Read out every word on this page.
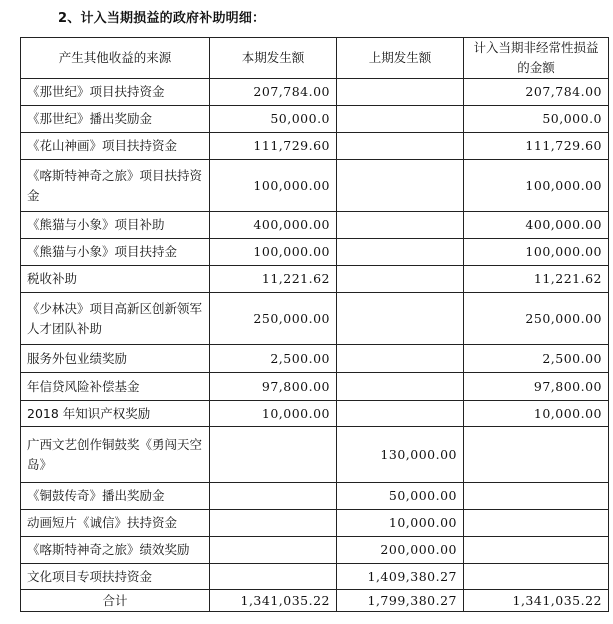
2、计入当期损益的政府补助明细：
产生其他收益的来源	本期发生额	上期发生额	计入当期非经常性损益的金额
《那世纪》项目扶持资金	207,784.00		207,784.00
《那世纪》播出奖励金	50,000.0		50,000.0
《花山神画》项目扶持资金	111,729.60		111,729.60
《喀斯特神奇之旅》项目扶持资金	100,000.00		100,000.00
《熊猫与小象》项目补助	400,000.00		400,000.00
《熊猫与小象》项目扶持金	100,000.00		100,000.00
税收补助	11,221.62		11,221.62
《少林决》项目高新区创新领军人才团队补助	250,000.00		250,000.00
服务外包业绩奖励	2,500.00		2,500.00
年信贷风险补偿基金	97,800.00		97,800.00
2018 年知识产权奖励	10,000.00		10,000.00
广西文艺创作铜鼓奖《勇闯天空岛》		130,000.00	
《铜鼓传奇》播出奖励金		50,000.00	
动画短片《诚信》扶持资金		10,000.00	
《喀斯特神奇之旅》绩效奖励		200,000.00	
文化项目专项扶持资金		1,409,380.27	
合计	1,341,035.22	1,799,380.27	1,341,035.22
